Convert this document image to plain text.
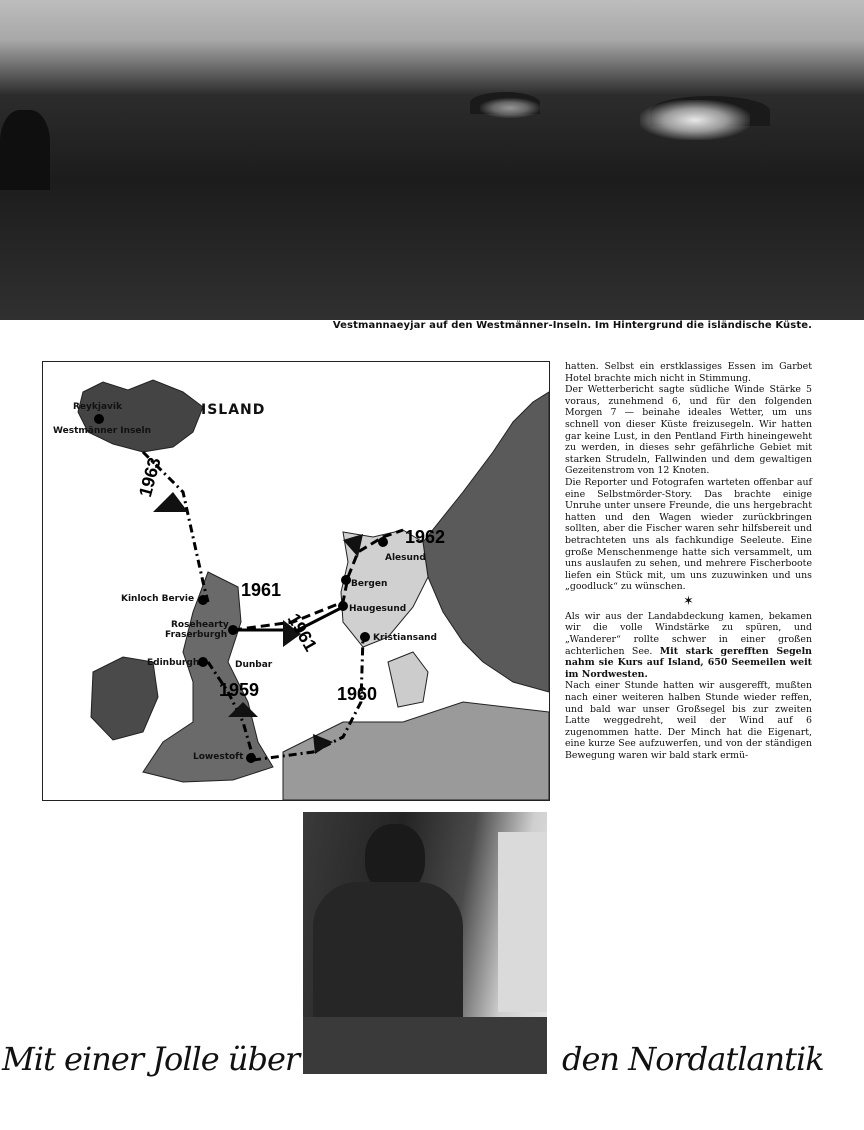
Vestmannaeyjar auf den Westmänner-Inseln. Im Hintergrund die isländische Küste.
ISLAND
Reykjavik
Westmänner Inseln
Kinloch Bervie
Rosehearty
Fraserburgh
Edinburgh	Dunbar
Lowestoft
Alesund
Bergen
Haugesund
Kristiansand
1963
1961
1961
1962
1959	1960

hatten. Selbst ein erstklassiges Essen im Garbet Hotel brachte mich nicht in Stimmung.

Der Wetterbericht sagte südliche Winde Stärke 5 voraus, zunehmend 6, und für den folgenden Morgen 7 — beinahe ideales Wetter, um uns schnell von dieser Küste freizusegeln. Wir hatten gar keine Lust, in den Pentland Firth hineingeweht zu werden, in dieses sehr gefährliche Gebiet mit starken Strudeln, Fallwinden und dem gewaltigen Gezeitenstrom von 12 Knoten.

Die Reporter und Fotografen warteten offenbar auf eine Selbstmörder-Story. Das brachte einige Unruhe unter unsere Freunde, die uns hergebracht hatten und den Wagen wieder zurückbringen sollten, aber die Fischer waren sehr hilfsbereit und betrachteten uns als fachkundige Seeleute. Eine große Menschenmenge hatte sich versammelt, um uns auslaufen zu sehen, und mehrere Fischerboote liefen ein Stück mit, um uns zuzuwinken und uns „goodluck“ zu wünschen.

✶

Als wir aus der Landabdeckung kamen, bekamen wir die volle Windstärke zu spüren, und „Wanderer“ rollte schwer in einer großen achterlichen See. Mit stark gerefften Segeln nahm sie Kurs auf Island, 650 Seemeilen weit im Nordwesten.

Nach einer Stunde hatten wir ausgerefft, mußten nach einer weiteren halben Stunde wieder reffen, und bald war unser Großsegel bis zur zweiten Latte weggedreht, weil der Wind auf 6 zugenommen hatte. Der Minch hat die Eigenart, eine kurze See aufzuwerfen, und von der ständigen Bewegung waren wir bald stark ermü-

Mit einer Jolle über	den Nordatlantik
